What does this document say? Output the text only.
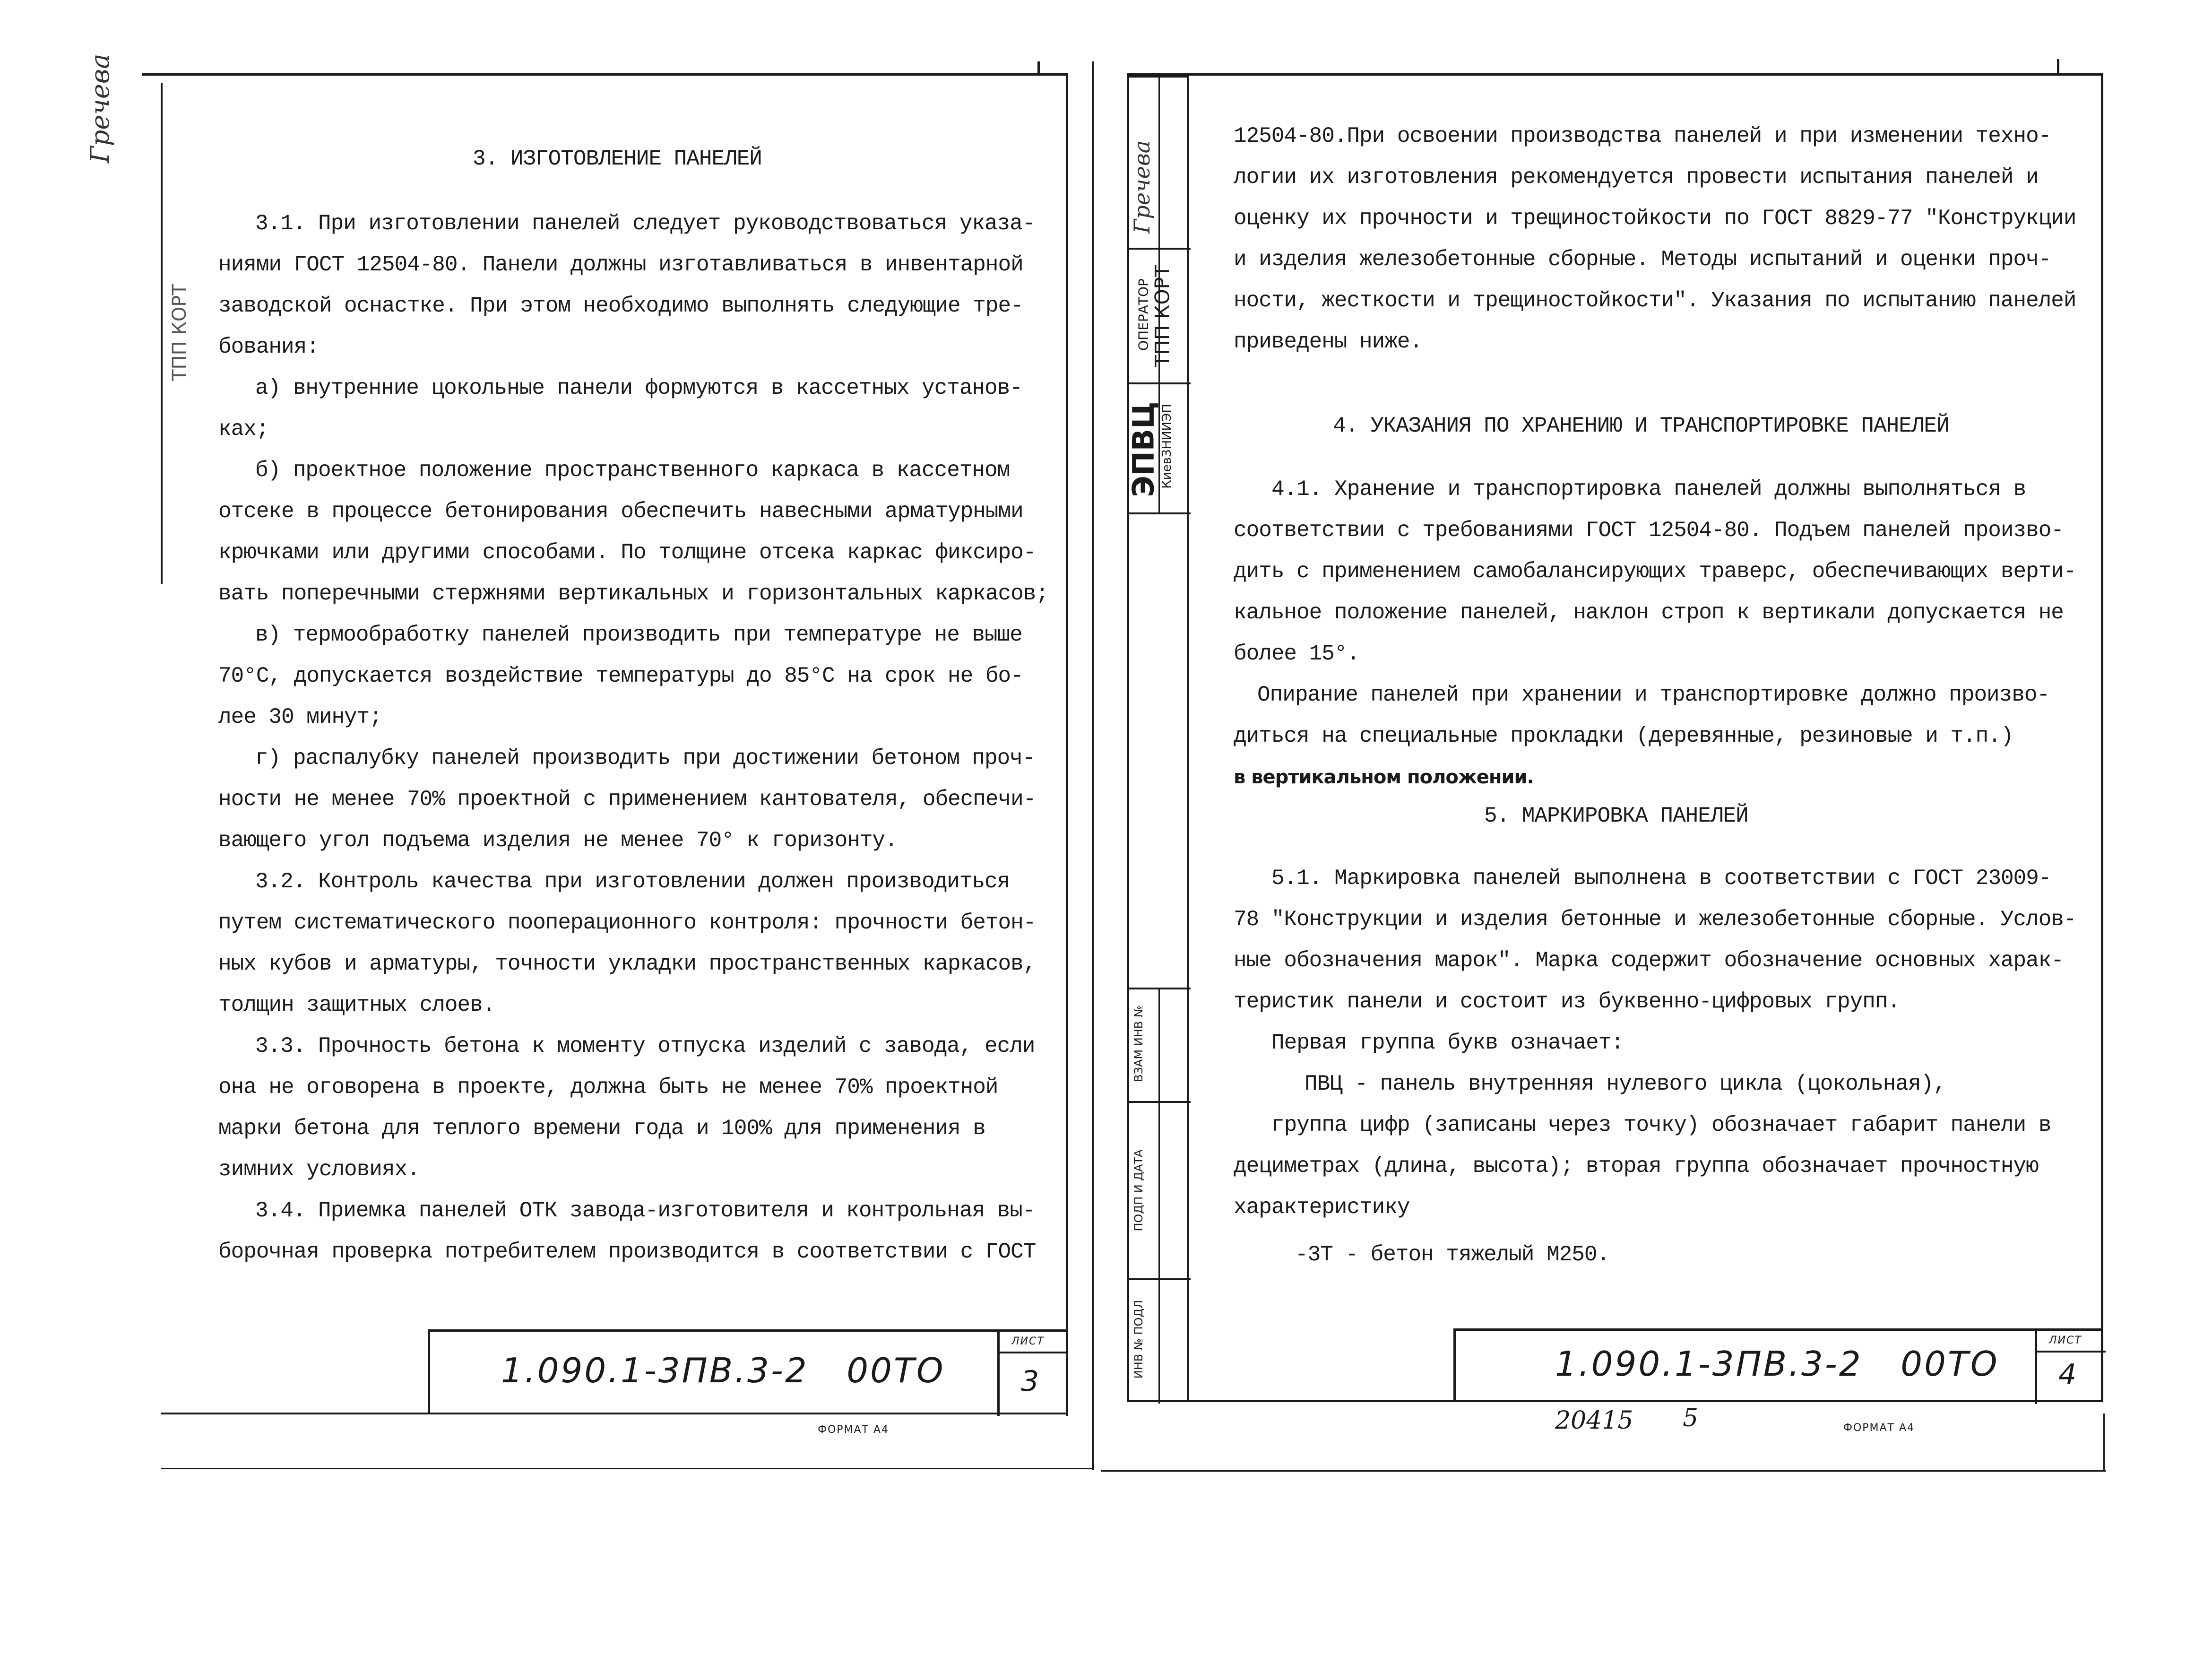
Гречева
ТПП КОРТ
3. ИЗГОТОВЛЕНИЕ ПАНЕЛЕЙ
3.1. При изготовлении панелей следует руководствоваться указа-
ниями ГОСТ 12504-80. Панели должны изготавливаться в инвентарной
заводской оснастке. При этом необходимо выполнять следующие тре-
бования:
а) внутренние цокольные панели формуются в кассетных установ-
ках;
б) проектное положение пространственного каркаса в кассетном
отсеке в процессе бетонирования обеспечить навесными арматурными
крючками или другими способами. По толщине отсека каркас фиксиро-
вать поперечными стержнями вертикальных и горизонтальных каркасов;
в) термообработку панелей производить при температуре не выше
70°С, допускается воздействие температуры до 85°С на срок не бо-
лее 30 минут;
г) распалубку панелей производить при достижении бетоном проч-
ности не менее 70% проектной с применением кантователя, обеспечи-
вающего угол подъема изделия не менее 70° к горизонту.
3.2. Контроль качества при изготовлении должен производиться
путем систематического пооперационного контроля: прочности бетон-
ных кубов и арматуры, точности укладки пространственных каркасов,
толщин защитных слоев.
3.3. Прочность бетона к моменту отпуска изделий с завода, если
она не оговорена в проекте, должна быть не менее 70% проектной
марки бетона для теплого времени года и 100% для применения в
зимних условиях.
3.4. Приемка панелей ОТК завода-изготовителя и контрольная вы-
борочная проверка потребителем производится в соответствии с ГОСТ
1.090.1-3ПВ.3-2   00ТО
ЛИСТ
3
ФОРМАТ А4
Гречева
ОПЕРАТОР ТПП КОРТ
ЭПВЦ
КиевЗНИИЭП
ВЗАМ ИНВ №
ПОДП И ДАТА
ИНВ № ПОДЛ
12504-80.При освоении производства панелей и при изменении техно-
логии их изготовления рекомендуется провести испытания панелей и
оценку их прочности и трещиностойкости по ГОСТ 8829-77 "Конструкции
и изделия железобетонные сборные. Методы испытаний и оценки проч-
ности, жесткости и трещиностойкости". Указания по испытанию панелей
приведены ниже.
4. УКАЗАНИЯ ПО ХРАНЕНИЮ И ТРАНСПОРТИРОВКЕ ПАНЕЛЕЙ
4.1. Хранение и транспортировка панелей должны выполняться в
соответствии с требованиями ГОСТ 12504-80. Подъем панелей произво-
дить с применением самобалансирующих траверс, обеспечивающих верти-
кальное положение панелей, наклон строп к вертикали допускается не
более 15°.
Опирание панелей при хранении и транспортировке должно произво-
диться на специальные прокладки (деревянные, резиновые и т.п.)
в вертикальном положении.
5. МАРКИРОВКА ПАНЕЛЕЙ
5.1. Маркировка панелей выполнена в соответствии с ГОСТ 23009-
78 "Конструкции и изделия бетонные и железобетонные сборные. Услов-
ные обозначения марок". Марка содержит обозначение основных харак-
теристик панели и состоит из буквенно-цифровых групп.
Первая группа букв означает:
ПВЦ - панель внутренняя нулевого цикла (цокольная),
группа цифр (записаны через точку) обозначает габарит панели в
дециметрах (длина, высота); вторая группа обозначает прочностную
характеристику
-3Т - бетон тяжелый М250.
1.090.1-3ПВ.3-2   00ТО
ЛИСТ
4
20415 5	ФОРМАТ А4
